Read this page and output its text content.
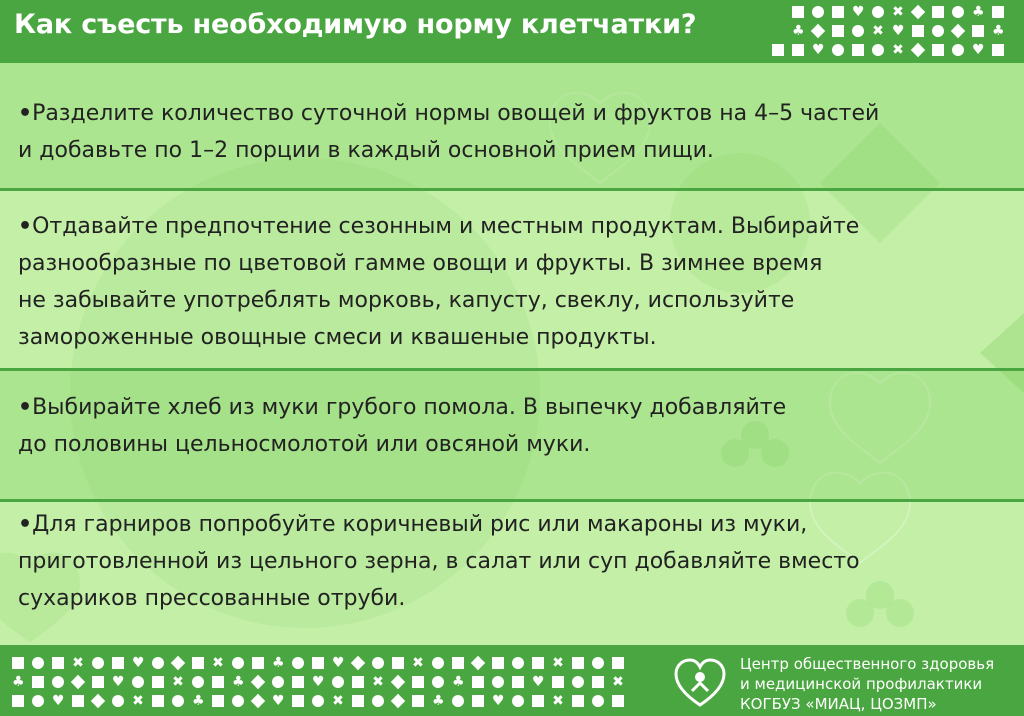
Как съесть необходимую норму клетчатки?	♥ ✖	♣
♣	✖ ♥	♣
♥	✖	♥
•Разделите количество суточной нормы овощей и фруктов на 4–5 частей
и добавьте по 1–2 порции в каждый основной прием пищи.
•Отдавайте предпочтение сезонным и местным продуктам. Выбирайте
разнообразные по цветовой гамме овощи и фрукты. В зимнее время
не забывайте употреблять морковь, капусту, свеклу, используйте
замороженные овощные смеси и квашеные продукты.
•Выбирайте хлеб из муки грубого помола. В выпечку добавляйте
до половины цельносмолотой или овсяной муки.
•Для гарниров попробуйте коричневый рис или макароны из муки,
приготовленной из цельного зерна, в салат или суп добавляйте вместо
сухариков прессованные отруби.
✖	♥	✖	♣	♥	✖	✖
♣	♥	✖	♣	♥	✖	♣	♥	✖
♥	✖	♣	♥	✖	♣	♥	✖
Центр общественного здоровья
и медицинской профилактики
КОГБУЗ «МИАЦ, ЦОЗМП»
